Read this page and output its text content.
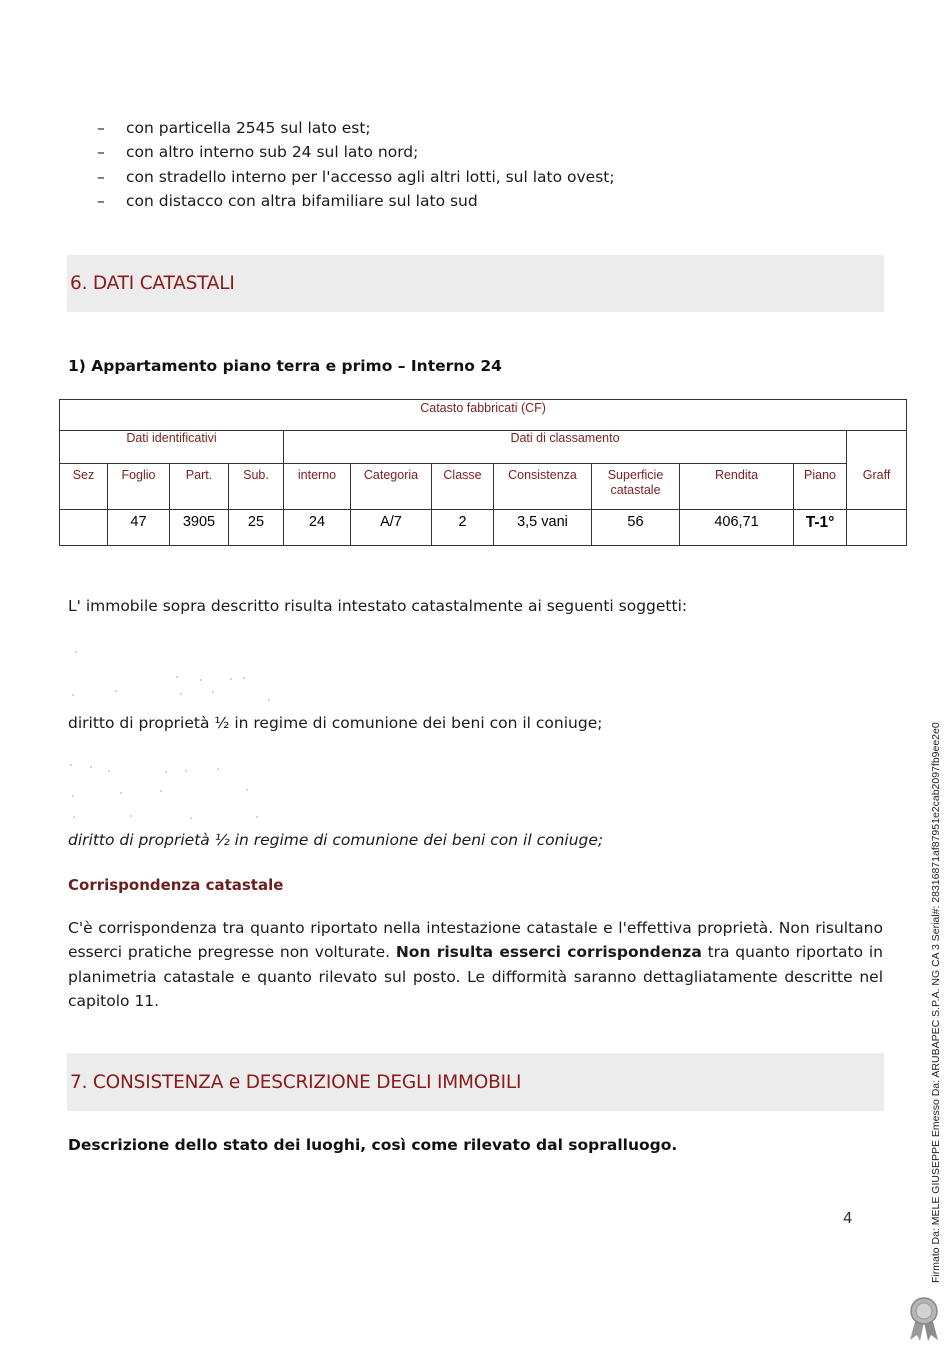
– con particella 2545 sul lato est;
– con altro interno sub 24 sul lato nord;
– con stradello interno per l'accesso agli altri lotti, sul lato ovest;
– con distacco con altra bifamiliare sul lato sud
6. DATI CATASTALI
1) Appartamento piano terra e primo – Interno 24
Catasto fabbricati (CF)											
Dati identificativi				Dati di classamento							
Sez	Foglio	Part.	Sub.	interno	Categoria	Classe	Consistenza	Superficie catastale	Rendita	Piano	Graff
	47	3905	25	24	A/7	2	3,5 vani	56	406,71	T-1°	
L' immobile sopra descritto risulta intestato catastalmente ai seguenti soggetti:
diritto di proprietà ½ in regime di comunione dei beni con il coniuge;
diritto di proprietà ½ in regime di comunione dei beni con il coniuge;
Corrispondenza catastale
C'è corrispondenza tra quanto riportato nella intestazione catastale e l'effettiva proprietà. Non risultano esserci pratiche pregresse non volturate. Non risulta esserci corrispondenza tra quanto riportato in planimetria catastale e quanto rilevato sul posto. Le difformità saranno dettagliatamente descritte nel capitolo 11.
7. CONSISTENZA e DESCRIZIONE DEGLI IMMOBILI
Descrizione dello stato dei luoghi, così come rilevato dal sopralluogo.
4	Firmato Da: MELE GIUSEPPE Emesso Da: ARUBAPEC S.P.A. NG CA 3 Serial#: 28316871af87951e2cab2097fb9ee2e0
